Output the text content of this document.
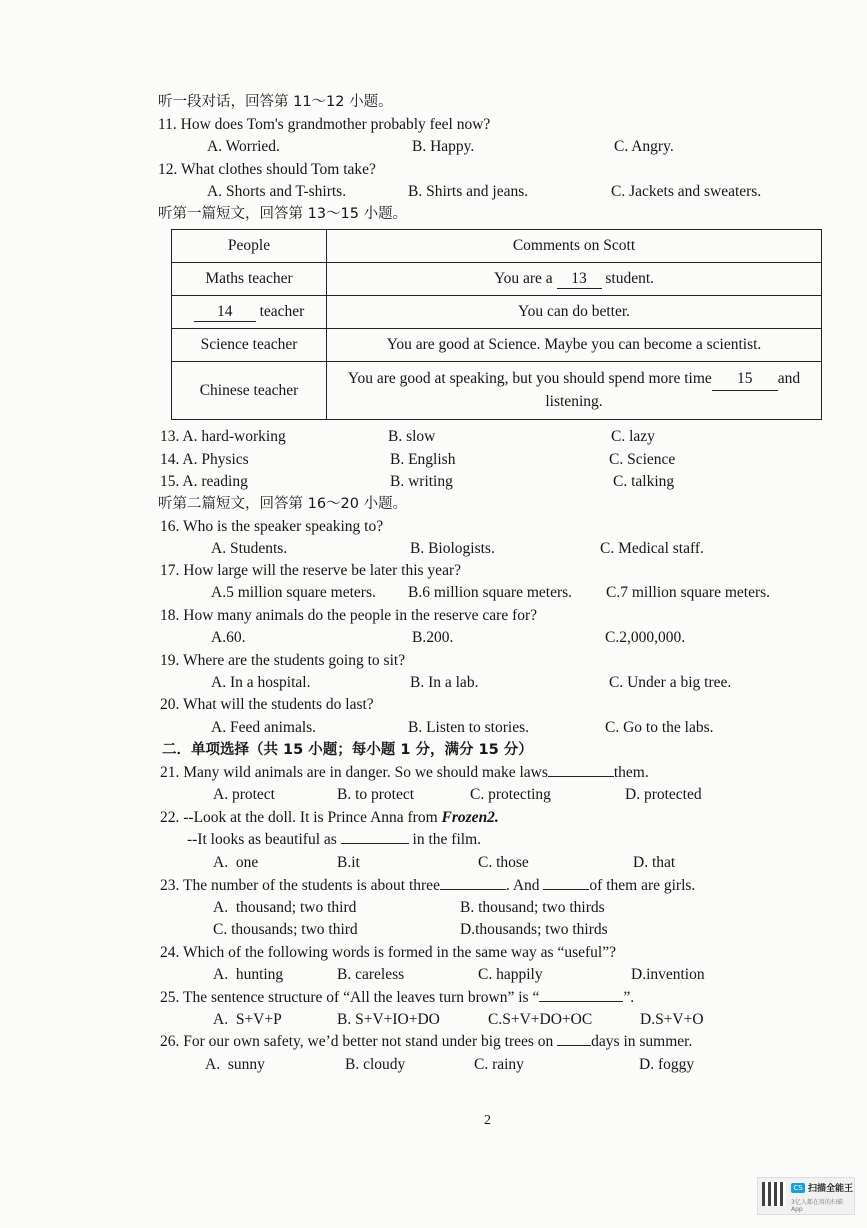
听一段对话，回答第 11～12 小题。
11. How does Tom's grandmother probably feel now?
A. Worried.	B. Happy.	C. Angry.
12. What clothes should Tom take?
A. Shorts and T-shirts.	B. Shirts and jeans.	C. Jackets and sweaters.
听第一篇短文，回答第 13～15 小题。
People	Comments on Scott
Maths teacher	You are a 13 student.
14 teacher	You can do better.
Science teacher	You are good at Science. Maybe you can become a scientist.
Chinese teacher	You are good at speaking, but you should spend more time 15 and
listening.
13. A. hard-working	B. slow	C. lazy
14. A. Physics	B. English	C. Science
15. A. reading	B. writing	C. talking
听第二篇短文，回答第 16～20 小题。
16. Who is the speaker speaking to?
A. Students.	B. Biologists.	C. Medical staff.
17. How large will the reserve be later this year?
A.5 million square meters. B.6 million square meters. C.7 million square meters.
18. How many animals do the people in the reserve care for?
A.60.	B.200.	C.2,000,000.
19. Where are the students going to sit?
A. In a hospital.	B. In a lab.	C. Under a big tree.
20. What will the students do last?
A. Feed animals.	B. Listen to stories.	C. Go to the labs.
二．单项选择（共 15 小题；每小题 1 分，满分 15 分）
21. Many wild animals are in danger. So we should make laws	them.
A. protect	B. to protect	C. protecting	D. protected
22. --Look at the doll. It is Prince Anna from Frozen2.
--It looks as beautiful as	in the film.
A.  one	B.it	C. those	D. that
23. The number of the students is about three	. And	of them are girls.
A.  thousand; two third	B. thousand; two thirds
C. thousands; two third	D.thousands; two thirds
24. Which of the following words is formed in the same way as “useful”?
A.  hunting	B. careless	C. happily	D.invention
25. The sentence structure of “All the leaves turn brown” is “	”.
A.  S+V+P	B. S+V+IO+DO	C.S+V+DO+OC	D.S+V+O
26. For our own safety, we’d better not stand under big trees on days in summer.
A.  sunny	B. cloudy	C. rainy	D. foggy
2
CS 扫描全能王
3亿人都在用的扫描App
